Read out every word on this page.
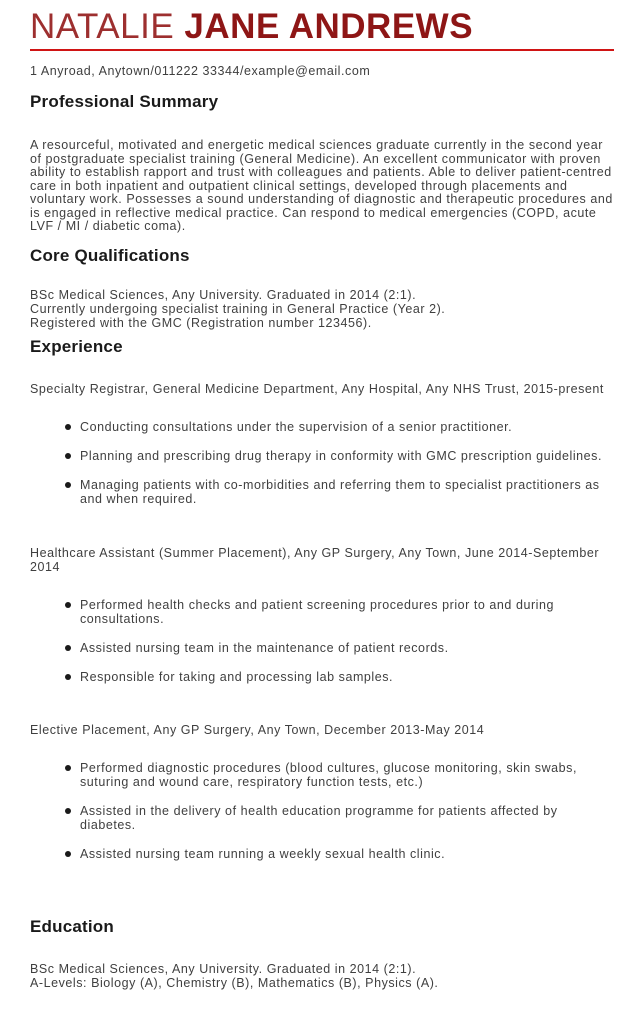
NATALIE JANE ANDREWS
1 Anyroad, Anytown/011222 33344/example@email.com
Professional Summary

A resourceful, motivated and energetic medical sciences graduate currently in the second year of postgraduate specialist training (General Medicine). An excellent communicator with proven ability to establish rapport and trust with colleagues and patients. Able to deliver patient-centred care in both inpatient and outpatient clinical settings, developed through placements and voluntary work. Possesses a sound understanding of diagnostic and therapeutic procedures and is engaged in reflective medical practice. Can respond to medical emergencies (COPD, acute LVF / MI / diabetic coma).

Core Qualifications
BSc Medical Sciences, Any University. Graduated in 2014 (2:1).
Currently undergoing specialist training in General Practice (Year 2).
Registered with the GMC (Registration number 123456).
Experience
Specialty Registrar, General Medicine Department, Any Hospital, Any NHS Trust, 2015-present
Conducting consultations under the supervision of a senior practitioner.
Planning and prescribing drug therapy in conformity with GMC prescription guidelines.
Managing patients with co-morbidities and referring them to specialist practitioners as and when required.
Healthcare Assistant (Summer Placement), Any GP Surgery, Any Town, June 2014-September 2014
Performed health checks and patient screening procedures prior to and during consultations.
Assisted nursing team in the maintenance of patient records.
Responsible for taking and processing lab samples.
Elective Placement, Any GP Surgery, Any Town, December 2013-May 2014
Performed diagnostic procedures (blood cultures, glucose monitoring, skin swabs, suturing and wound care, respiratory function tests, etc.)
Assisted in the delivery of health education programme for patients affected by diabetes.
Assisted nursing team running a weekly sexual health clinic.
Education
BSc Medical Sciences, Any University. Graduated in 2014 (2:1).
A-Levels: Biology (A), Chemistry (B), Mathematics (B), Physics (A).
